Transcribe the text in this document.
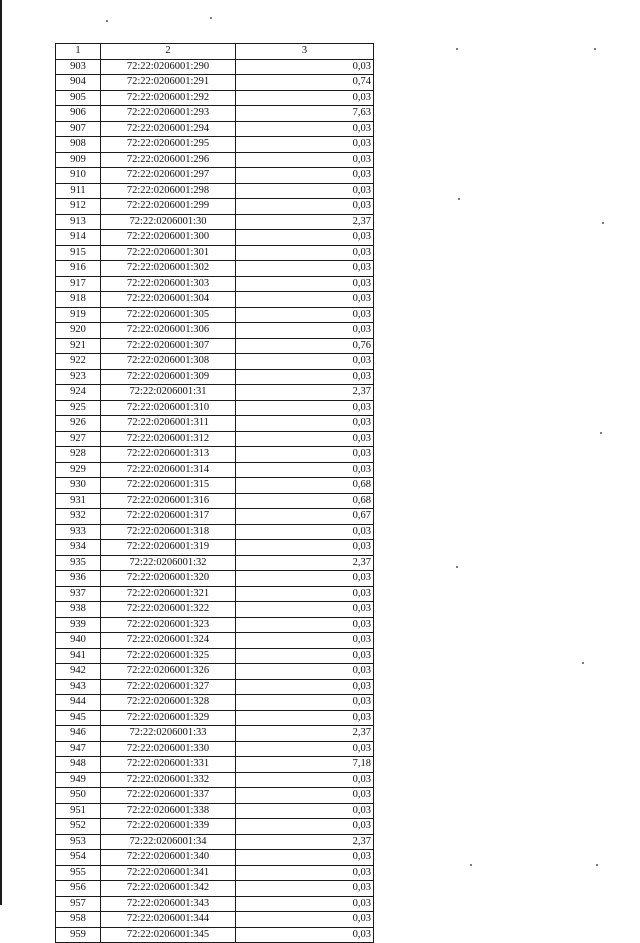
1	2	3
903	72:22:0206001:290	0,03
904	72:22:0206001:291	0,74
905	72:22:0206001:292	0,03
906	72:22:0206001:293	7,63
907	72:22:0206001:294	0,03
908	72:22:0206001:295	0,03
909	72:22:0206001:296	0,03
910	72:22:0206001:297	0,03
911	72:22:0206001:298	0,03
912	72:22:0206001:299	0,03
913	72:22:0206001:30	2,37
914	72:22:0206001:300	0,03
915	72:22:0206001:301	0,03
916	72:22:0206001:302	0,03
917	72:22:0206001:303	0,03
918	72:22:0206001:304	0,03
919	72:22:0206001:305	0,03
920	72:22:0206001:306	0,03
921	72:22:0206001:307	0,76
922	72:22:0206001:308	0,03
923	72:22:0206001:309	0,03
924	72:22:0206001:31	2,37
925	72:22:0206001:310	0,03
926	72:22:0206001:311	0,03
927	72:22:0206001:312	0,03
928	72:22:0206001:313	0,03
929	72:22:0206001:314	0,03
930	72:22:0206001:315	0,68
931	72:22:0206001:316	0,68
932	72:22:0206001:317	0,67
933	72:22:0206001:318	0,03
934	72:22:0206001:319	0,03
935	72:22:0206001:32	2,37
936	72:22:0206001:320	0,03
937	72:22:0206001:321	0,03
938	72:22:0206001:322	0,03
939	72:22:0206001:323	0,03
940	72:22:0206001:324	0,03
941	72:22:0206001:325	0,03
942	72:22:0206001:326	0,03
943	72:22:0206001:327	0,03
944	72:22:0206001:328	0,03
945	72:22:0206001:329	0,03
946	72:22:0206001:33	2,37
947	72:22:0206001:330	0,03
948	72:22:0206001:331	7,18
949	72:22:0206001:332	0,03
950	72:22:0206001:337	0,03
951	72:22:0206001:338	0,03
952	72:22:0206001:339	0,03
953	72:22:0206001:34	2,37
954	72:22:0206001:340	0,03
955	72:22:0206001:341	0,03
956	72:22:0206001:342	0,03
957	72:22:0206001:343	0,03
958	72:22:0206001:344	0,03
959	72:22:0206001:345	0,03
